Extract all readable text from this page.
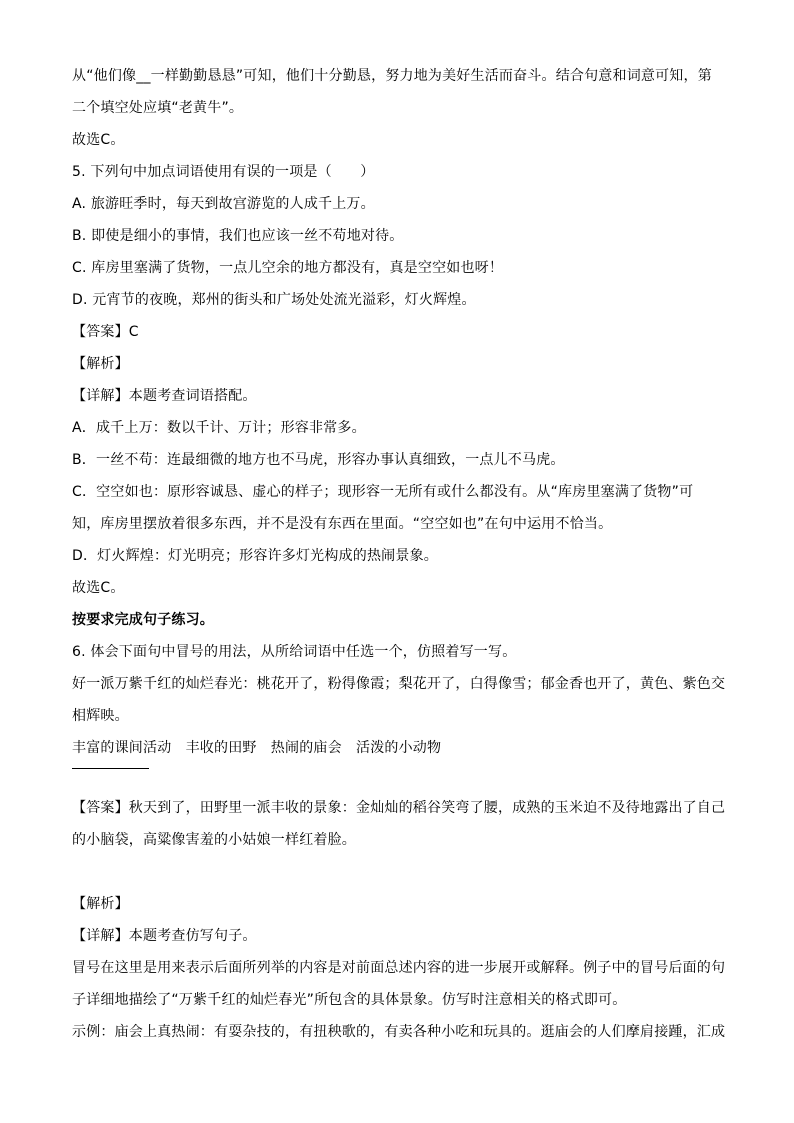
从“他们像__一样勤勤恳恳”可知，他们十分勤恳，努力地为美好生活而奋斗。结合句意和词意可知，第
二个填空处应填“老黄牛”。
故选C。
5. 下列句中加点词语使用有误的一项是（　　）
A. 旅游旺季时，每天到故宫游览的人成千上万。
B. 即使是细小的事情，我们也应该一丝不苟地对待。
C. 库房里塞满了货物，一点儿空余的地方都没有，真是空空如也呀！
D. 元宵节的夜晚，郑州的街头和广场处处流光溢彩，灯火辉煌。
【答案】C
【解析】
【详解】本题考查词语搭配。
A．成千上万：数以千计、万计；形容非常多。
B．一丝不苟：连最细微的地方也不马虎，形容办事认真细致，一点儿不马虎。
C．空空如也：原形容诚恳、虚心的样子；现形容一无所有或什么都没有。从“库房里塞满了货物”可
知，库房里摆放着很多东西，并不是没有东西在里面。“空空如也”在句中运用不恰当。
D．灯火辉煌：灯光明亮；形容许多灯光构成的热闹景象。
故选C。
按要求完成句子练习。
6. 体会下面句中冒号的用法，从所给词语中任选一个，仿照着写一写。
好一派万紫千红的灿烂春光：桃花开了，粉得像霞；梨花开了，白得像雪；郁金香也开了，黄色、紫色交
相辉映。
丰富的课间活动　丰收的田野　热闹的庙会　活泼的小动物
【答案】秋天到了，田野里一派丰收的景象：金灿灿的稻谷笑弯了腰，成熟的玉米迫不及待地露出了自己
的小脑袋，高粱像害羞的小姑娘一样红着脸。
【解析】
【详解】本题考查仿写句子。
冒号在这里是用来表示后面所列举的内容是对前面总述内容的进一步展开或解释。例子中的冒号后面的句
子详细地描绘了“万紫千红的灿烂春光”所包含的具体景象。仿写时注意相关的格式即可。
示例：庙会上真热闹：有耍杂技的，有扭秧歌的，有卖各种小吃和玩具的。逛庙会的人们摩肩接踵，汇成
